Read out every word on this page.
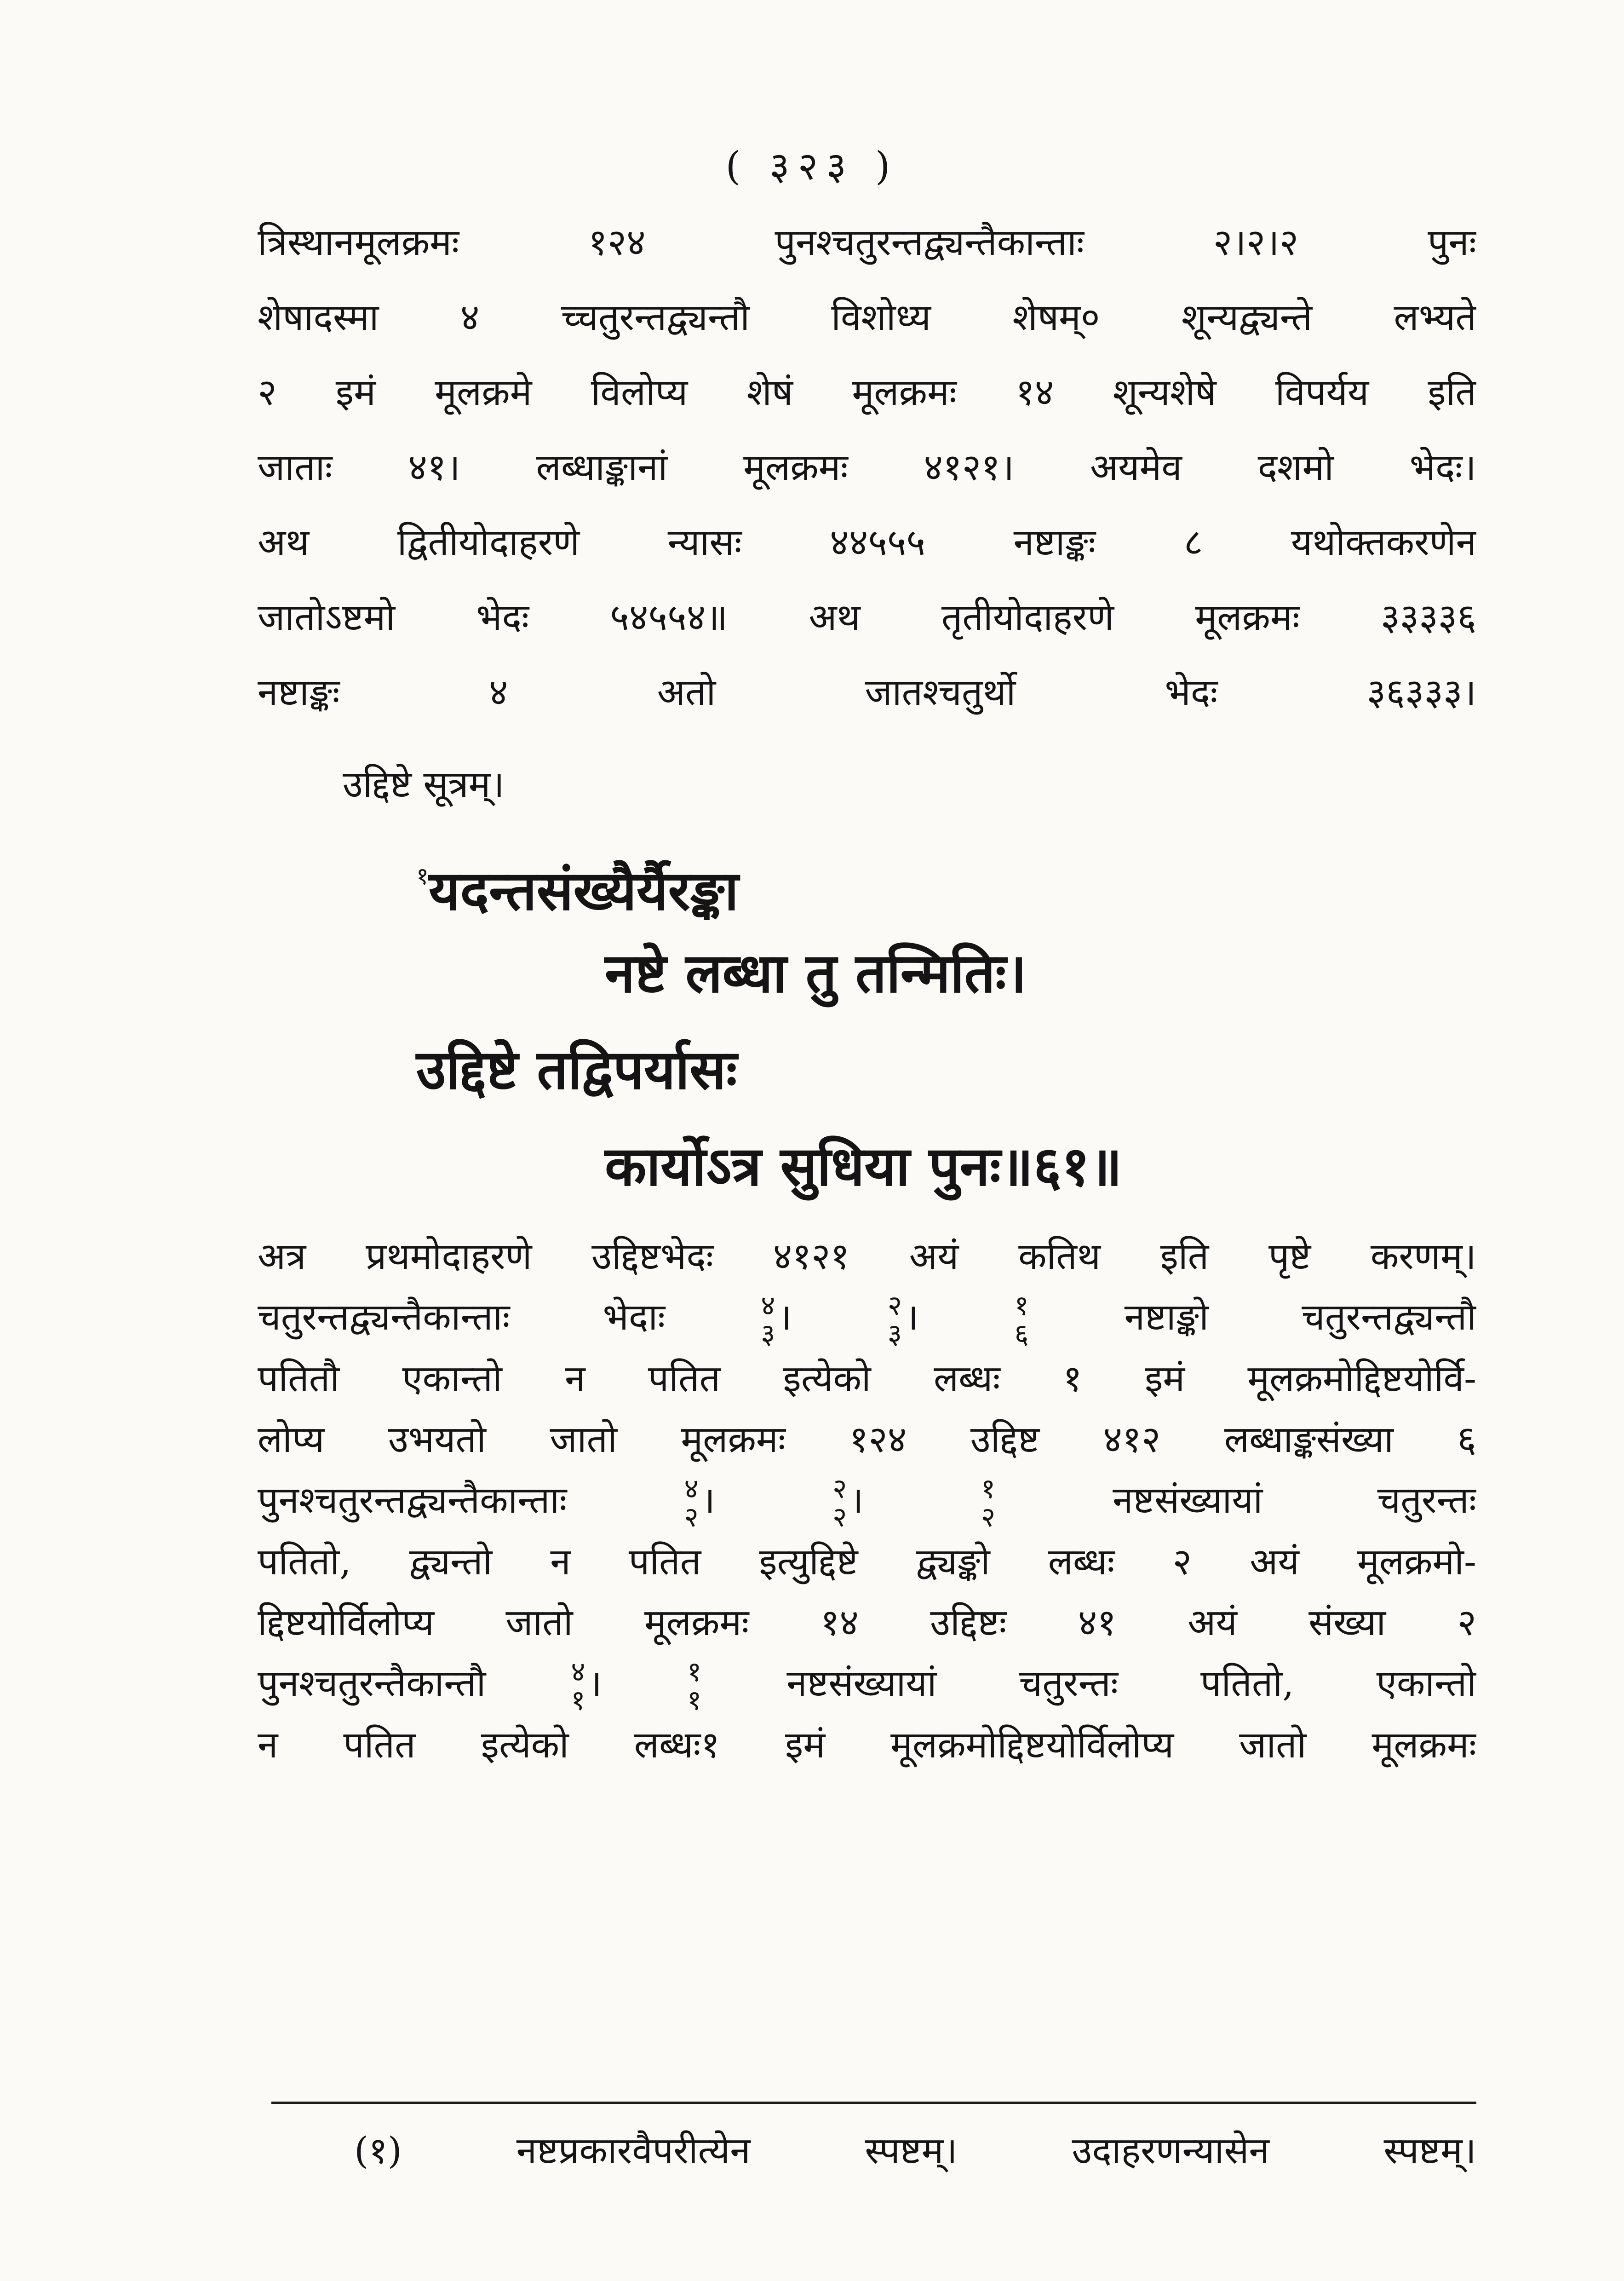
( ३२३ )
त्रिस्थानमूलक्रमः १२४ पुनश्चतुरन्तद्व्यन्तैकान्ताः २।२।२ पुनः
शेषादस्मा ४ च्चतुरन्तद्व्यन्तौ विशोध्य शेषम्० शून्यद्व्यन्ते लभ्यते
२ इमं मूलक्रमे विलोप्य शेषं मूलक्रमः १४ शून्यशेषे विपर्यय इति
जाताः ४१। लब्धाङ्कानां मूलक्रमः ४१२१। अयमेव दशमो भेदः।
अथ द्वितीयोदाहरणे न्यासः ४४५५५ नष्टाङ्कः ८ यथोक्तकरणेन
जातोऽष्टमो भेदः ५४५५४॥ अथ तृतीयोदाहरणे मूलक्रमः ३३३३६
नष्टाङ्कः ४ अतो जातश्चतुर्थो भेदः ३६३३३।
उद्दिष्टे सूत्रम्।
$^१$यदन्तसंख्यैर्यैरङ्का
नष्टे लब्धा तु तन्मितिः।
उद्दिष्टे तद्विपर्यासः
कार्योऽत्र सुधिया पुनः॥६१॥
अत्र प्रथमोदाहरणे उद्दिष्टभेदः ४१२१ अयं कतिथ इति पृष्टे करणम्।
चतुरन्तद्व्यन्तैकान्ताः भेदाः	४
३ । २
३ । १
६	नष्टाङ्को चतुरन्तद्व्यन्तौ
पतितौ एकान्तो न पतित इत्येको लब्धः १ इमं मूलक्रमोद्दिष्टयोर्वि-
लोप्य उभयतो जातो मूलक्रमः १२४ उद्दिष्ट ४१२ लब्धाङ्कसंख्या ६
पुनश्चतुरन्तद्व्यन्तैकान्ताः	४
२ । २
२ । १
२	नष्टसंख्यायां चतुरन्तः
पतितो, द्व्यन्तो न पतित इत्युद्दिष्टे द्व्यङ्को लब्धः २ अयं मूलक्रमो-
द्दिष्टयोर्विलोप्य जातो मूलक्रमः १४ उद्दिष्टः ४१ अयं संख्या २
पुनश्चतुरन्तैकान्तौ	४
१ । १
१ नष्टसंख्यायां चतुरन्तः पतितो, एकान्तो
न पतित इत्येको लब्धः१ इमं मूलक्रमोद्दिष्टयोर्विलोप्य जातो मूलक्रमः
(१) नष्टप्रकारवैपरीत्येन स्पष्टम्। उदाहरणन्यासेन स्पष्टम्।
